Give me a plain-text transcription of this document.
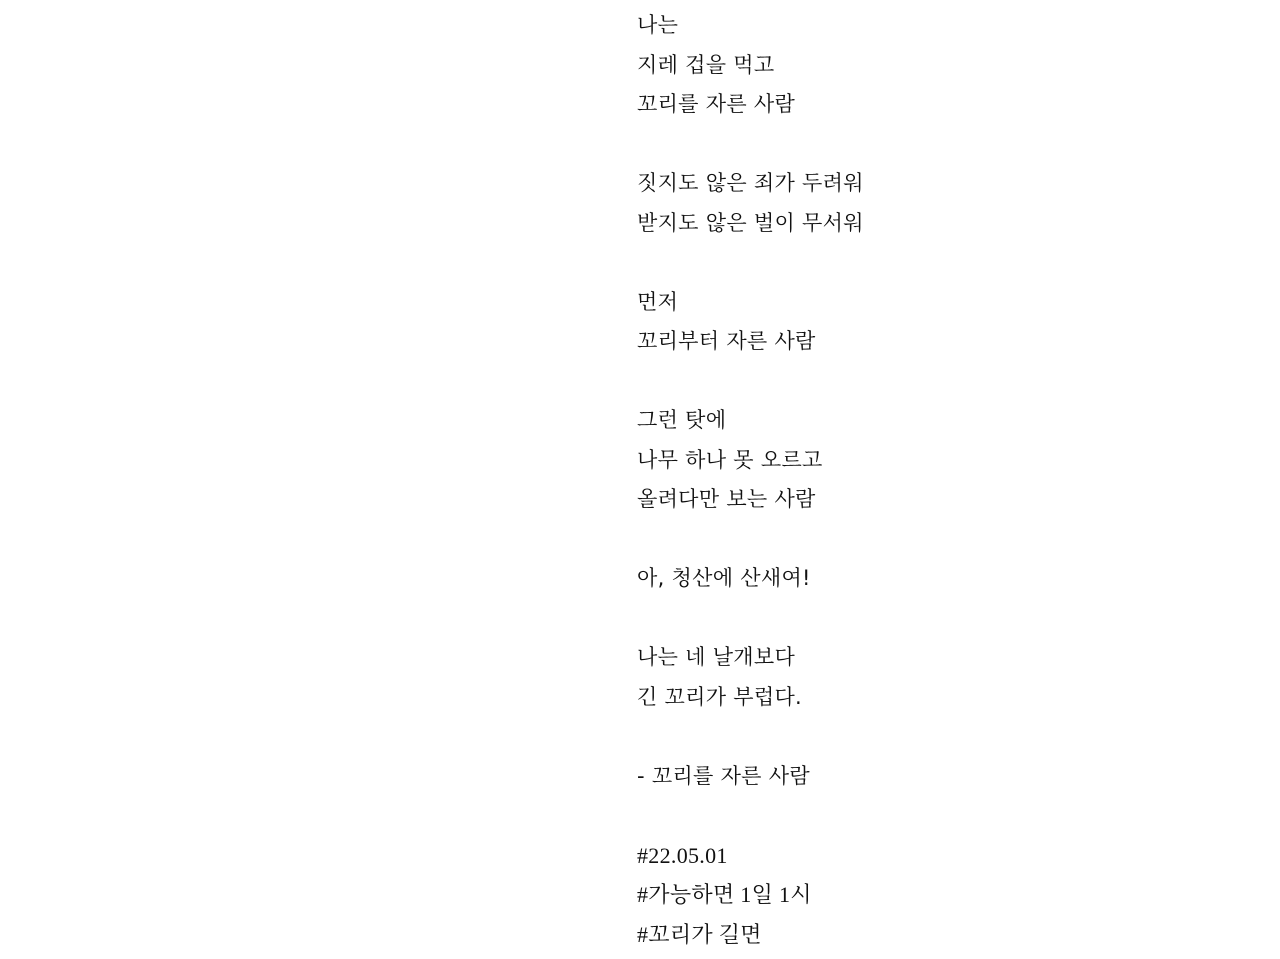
나는
지레 겁을 먹고
꼬리를 자른 사람
짓지도 않은 죄가 두려워
받지도 않은 벌이 무서워
먼저
꼬리부터 자른 사람
그런 탓에
나무 하나 못 오르고
올려다만 보는 사람
아, 청산에 산새여!
나는 네 날개보다
긴 꼬리가 부럽다.
- 꼬리를 자른 사람
#22.05.01
#가능하면 1일 1시
#꼬리가 길면
